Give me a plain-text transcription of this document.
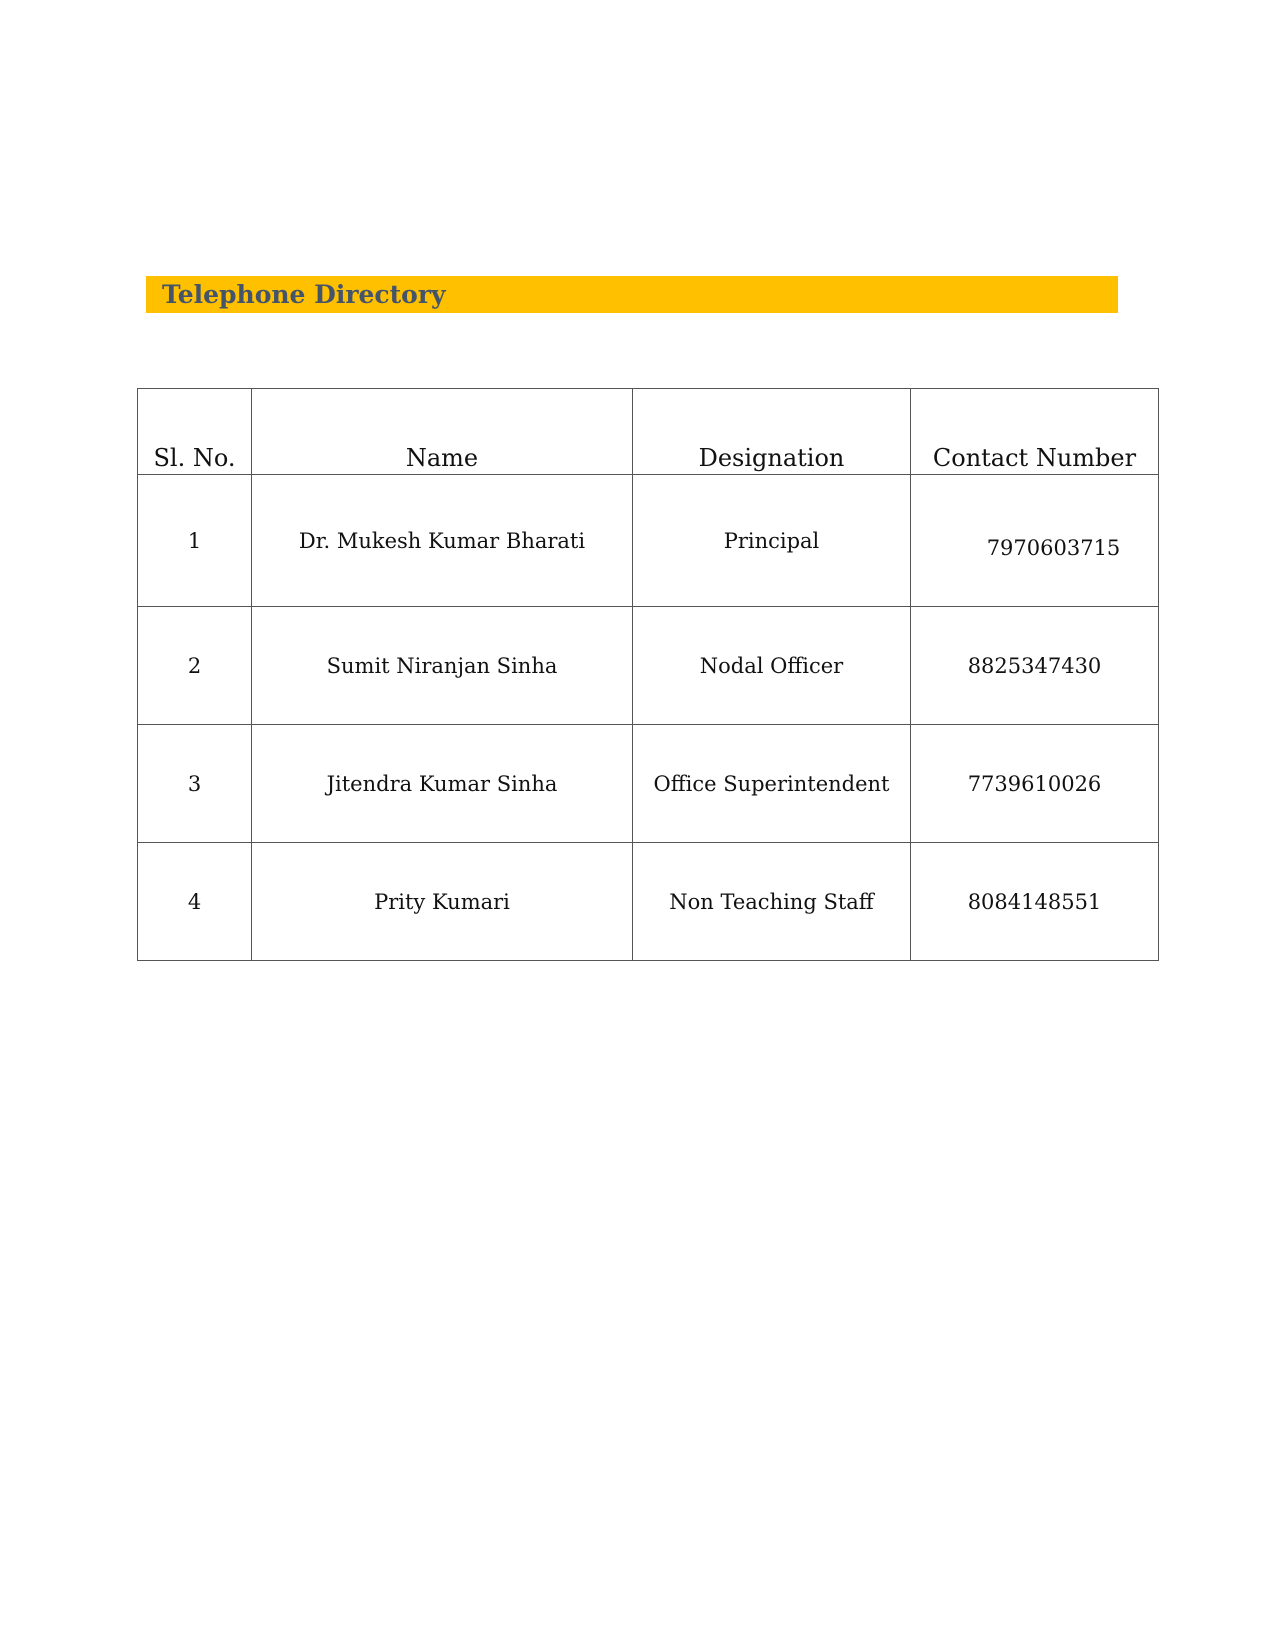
Telephone Directory
Sl. No.	Name	Designation	Contact Number
1	Dr. Mukesh Kumar Bharati	Principal	7970603715
2	Sumit Niranjan Sinha	Nodal Officer	8825347430
3	Jitendra Kumar Sinha	Office Superintendent	7739610026
4	Prity Kumari	Non Teaching Staff	8084148551
